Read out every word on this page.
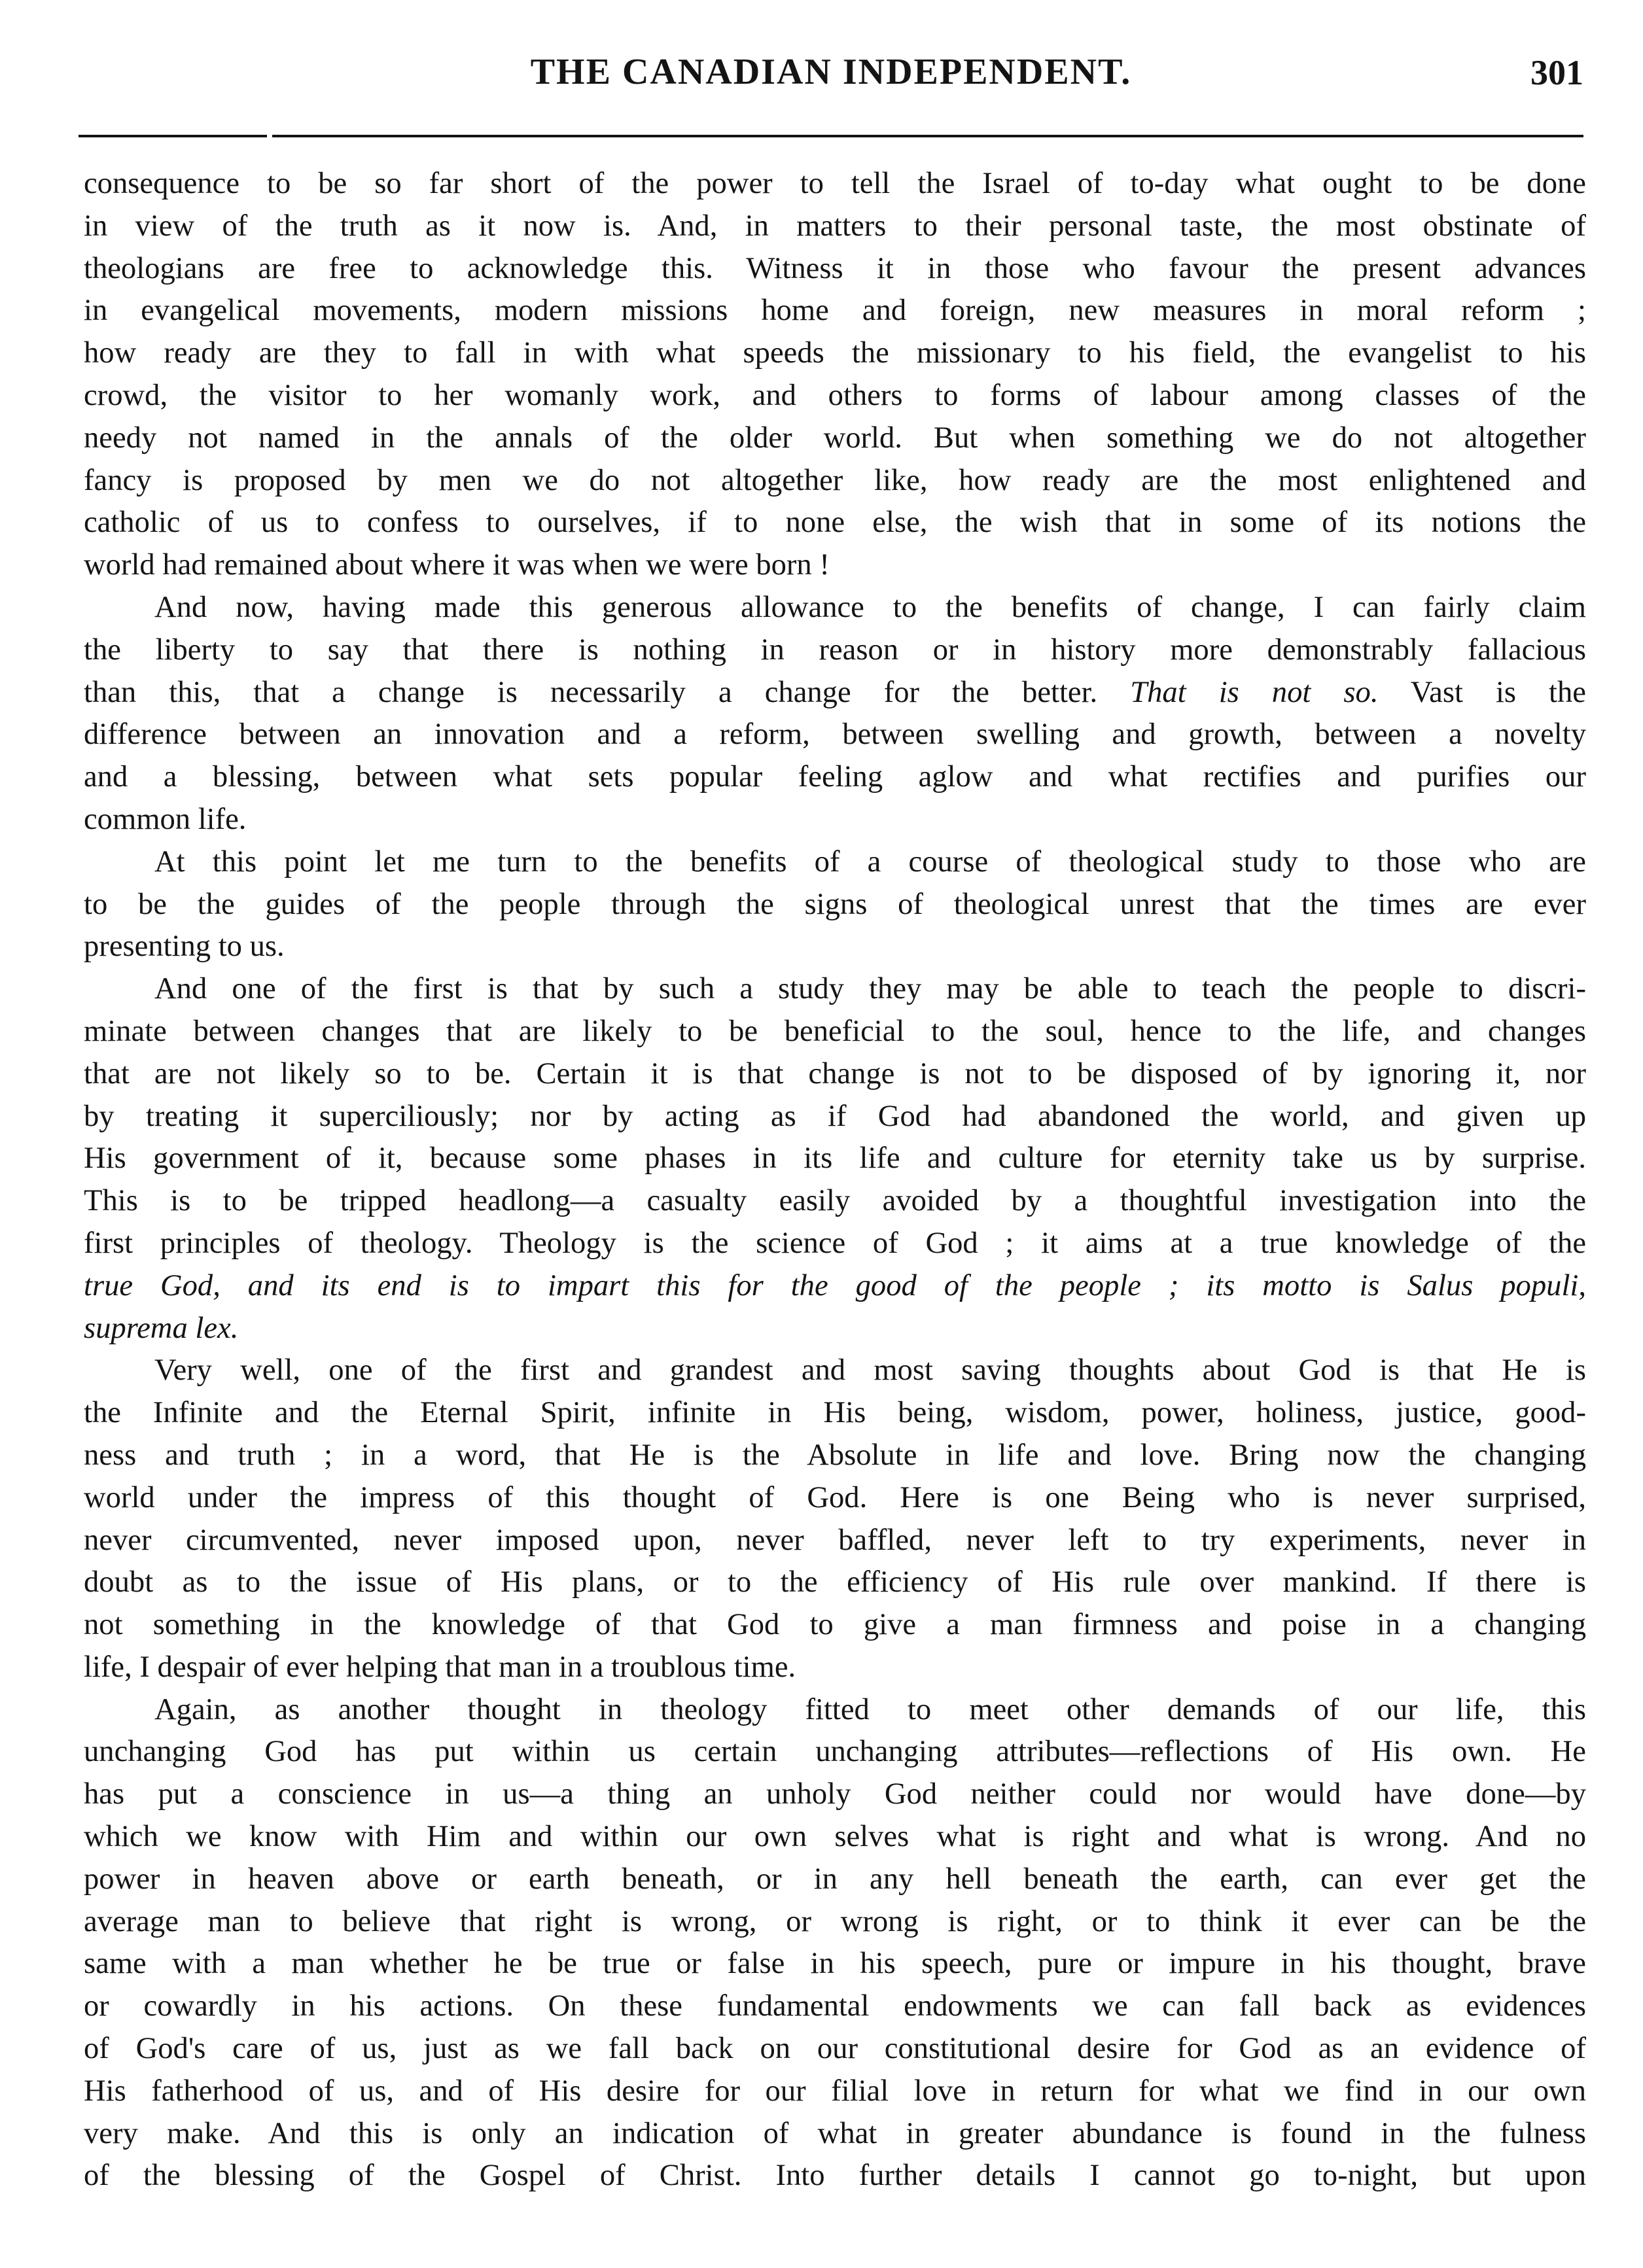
THE CANADIAN INDEPENDENT.	301
consequence to be so far short of the power to tell the Israel of to-day what ought to be done
in view of the truth as it now is. And, in matters to their personal taste, the most obstinate of
theologians are free to acknowledge this. Witness it in those who favour the present advances
in evangelical movements, modern missions home and foreign, new measures in moral reform ;
how ready are they to fall in with what speeds the missionary to his field, the evangelist to his
crowd, the visitor to her womanly work, and others to forms of labour among classes of the
needy not named in the annals of the older world. But when something we do not altogether
fancy is proposed by men we do not altogether like, how ready are the most enlightened and
catholic of us to confess to ourselves, if to none else, the wish that in some of its notions the
world had remained about where it was when we were born !
And now, having made this generous allowance to the benefits of change, I can fairly claim
the liberty to say that there is nothing in reason or in history more demonstrably fallacious
than this, that a change is necessarily a change for the better. That is not so. Vast is the
difference between an innovation and a reform, between swelling and growth, between a novelty
and a blessing, between what sets popular feeling aglow and what rectifies and purifies our
common life.
At this point let me turn to the benefits of a course of theological study to those who are
to be the guides of the people through the signs of theological unrest that the times are ever
presenting to us.
And one of the first is that by such a study they may be able to teach the people to discri-
minate between changes that are likely to be beneficial to the soul, hence to the life, and changes
that are not likely so to be. Certain it is that change is not to be disposed of by ignoring it, nor
by treating it superciliously; nor by acting as if God had abandoned the world, and given up
His government of it, because some phases in its life and culture for eternity take us by surprise.
This is to be tripped headlong—a casualty easily avoided by a thoughtful investigation into the
first principles of theology. Theology is the science of God ; it aims at a true knowledge of the
true God, and its end is to impart this for the good of the people ; its motto is Salus populi,
suprema lex.
Very well, one of the first and grandest and most saving thoughts about God is that He is
the Infinite and the Eternal Spirit, infinite in His being, wisdom, power, holiness, justice, good-
ness and truth ; in a word, that He is the Absolute in life and love. Bring now the changing
world under the impress of this thought of God. Here is one Being who is never surprised,
never circumvented, never imposed upon, never baffled, never left to try experiments, never in
doubt as to the issue of His plans, or to the efficiency of His rule over mankind. If there is
not something in the knowledge of that God to give a man firmness and poise in a changing
life, I despair of ever helping that man in a troublous time.
Again, as another thought in theology fitted to meet other demands of our life, this
unchanging God has put within us certain unchanging attributes—reflections of His own. He
has put a conscience in us—a thing an unholy God neither could nor would have done—by
which we know with Him and within our own selves what is right and what is wrong. And no
power in heaven above or earth beneath, or in any hell beneath the earth, can ever get the
average man to believe that right is wrong, or wrong is right, or to think it ever can be the
same with a man whether he be true or false in his speech, pure or impure in his thought, brave
or cowardly in his actions. On these fundamental endowments we can fall back as evidences
of God's care of us, just as we fall back on our constitutional desire for God as an evidence of
His fatherhood of us, and of His desire for our filial love in return for what we find in our own
very make. And this is only an indication of what in greater abundance is found in the fulness
of the blessing of the Gospel of Christ. Into further details I cannot go to-night, but upon
